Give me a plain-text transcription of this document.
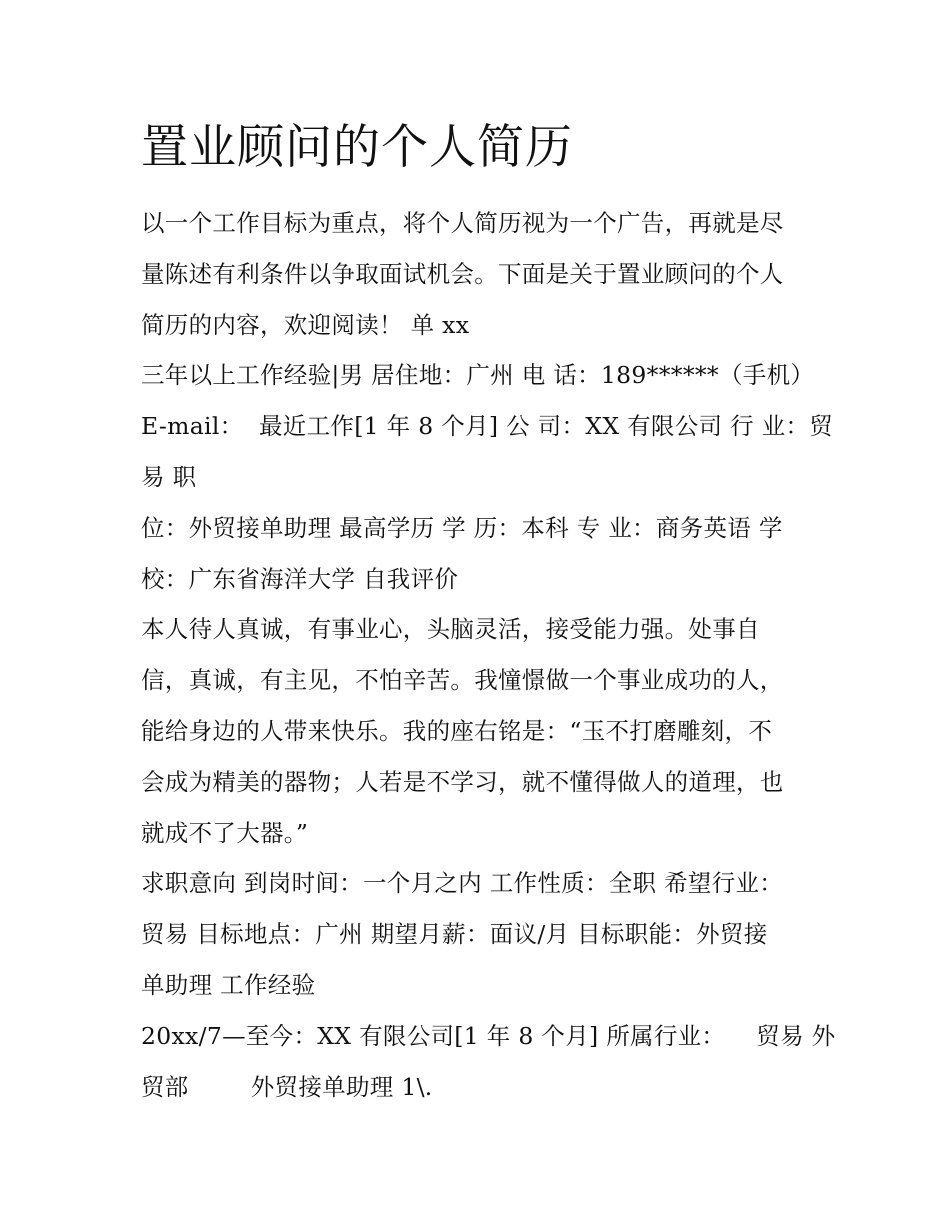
置业顾问的个人简历
以一个工作目标为重点，将个人简历视为一个广告，再就是尽
量陈述有利条件以争取面试机会。下面是关于置业顾问的个人
简历的内容，欢迎阅读！ 单 xx
三年以上工作经验|男 居住地：广州 电 话：189******（手机）
E-mail：  最近工作[1 年 8 个月] 公 司：XX 有限公司 行 业：贸
易 职
位：外贸接单助理 最高学历 学 历：本科 专 业：商务英语 学
校：广东省海洋大学 自我评价
本人待人真诚，有事业心，头脑灵活，接受能力强。处事自
信，真诚，有主见，不怕辛苦。我憧憬做一个事业成功的人，
能给身边的人带来快乐。我的座右铭是：“玉不打磨雕刻，不
会成为精美的器物；人若是不学习，就不懂得做人的道理，也
就成不了大器。”
求职意向 到岗时间：一个月之内 工作性质：全职 希望行业：
贸易 目标地点：广州 期望月薪：面议/月 目标职能：外贸接
单助理 工作经验
20xx/7—至今：XX 有限公司[1 年 8 个月] 所属行业：    贸易 外
贸部        外贸接单助理 1\.
